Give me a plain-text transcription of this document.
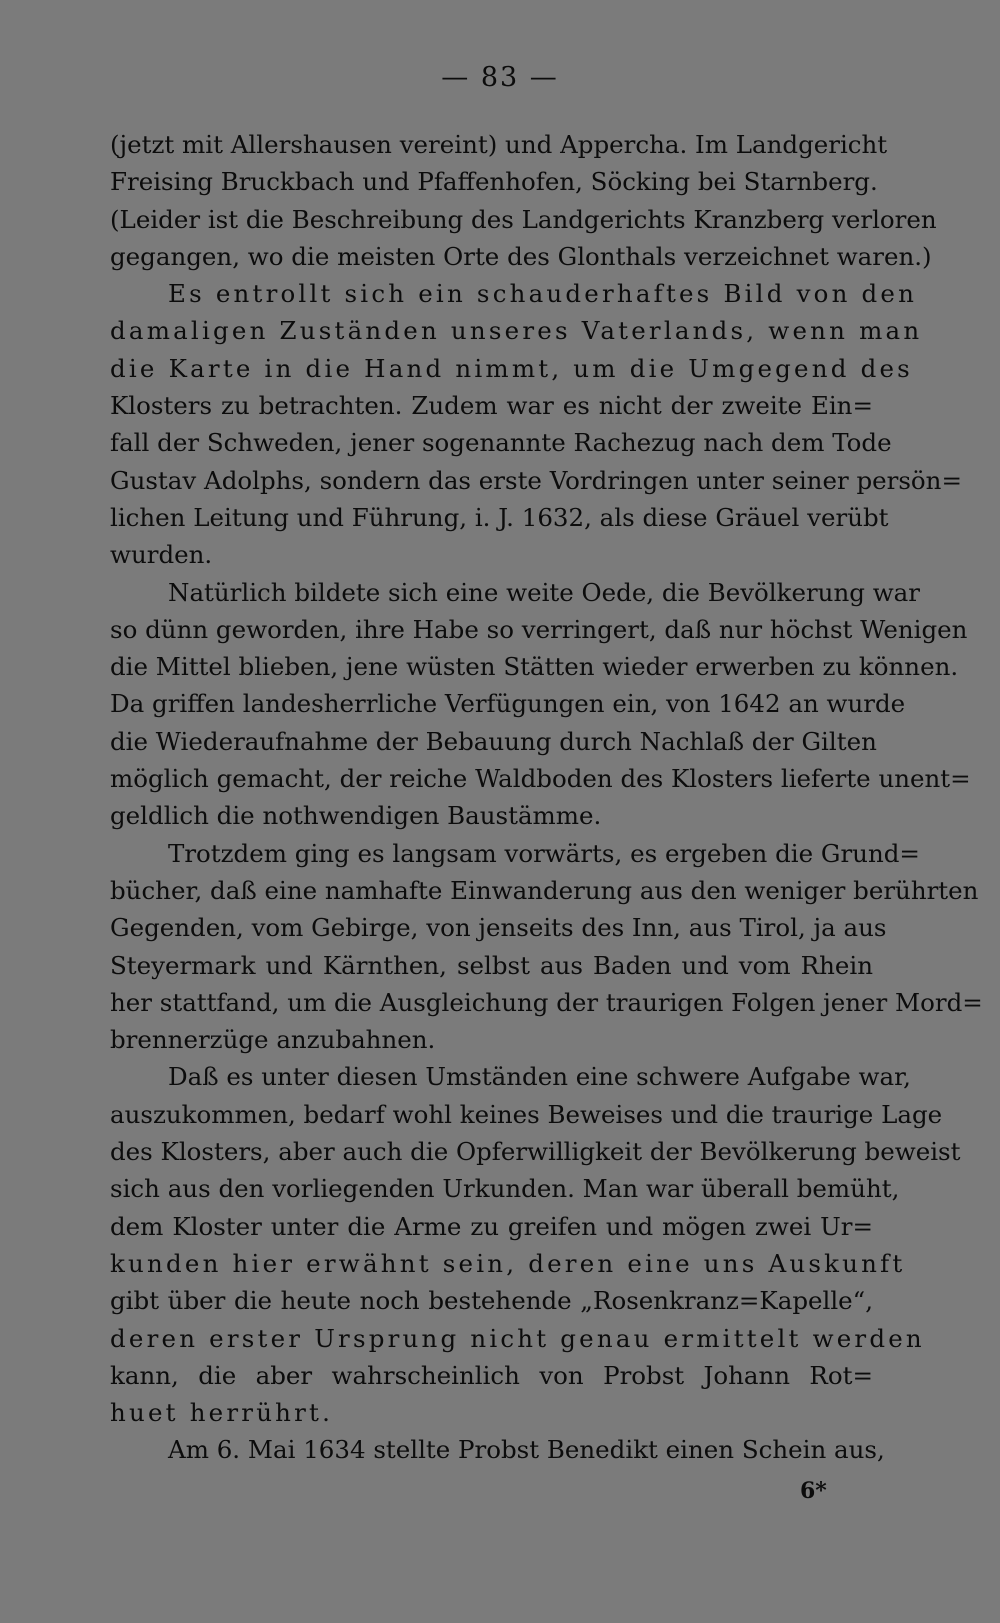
— 83 —
(jetzt mit Allershausen vereint) und Appercha. Im Landgericht
Freising Bruckbach und Pfaffenhofen, Söcking bei Starnberg.
(Leider ist die Beschreibung des Landgerichts Kranzberg verloren
gegangen, wo die meisten Orte des Glonthals verzeichnet waren.)
Es entrollt sich ein schauderhaftes Bild von den
damaligen Zuständen unseres Vaterlands, wenn man
die Karte in die Hand nimmt, um die Umgegend des
Klosters zu betrachten. Zudem war es nicht der zweite Ein=
fall der Schweden, jener sogenannte Rachezug nach dem Tode
Gustav Adolphs, sondern das erste Vordringen unter seiner persön=
lichen Leitung und Führung, i. J. 1632, als diese Gräuel verübt
wurden.
Natürlich bildete sich eine weite Oede, die Bevölkerung war
so dünn geworden, ihre Habe so verringert, daß nur höchst Wenigen
die Mittel blieben, jene wüsten Stätten wieder erwerben zu können.
Da griffen landesherrliche Verfügungen ein, von 1642 an wurde
die Wiederaufnahme der Bebauung durch Nachlaß der Gilten
möglich gemacht, der reiche Waldboden des Klosters lieferte unent=
geldlich die nothwendigen Baustämme.
Trotzdem ging es langsam vorwärts, es ergeben die Grund=
bücher, daß eine namhafte Einwanderung aus den weniger berührten
Gegenden, vom Gebirge, von jenseits des Inn, aus Tirol, ja aus
Steyermark und Kärnthen, selbst aus Baden und vom Rhein
her stattfand, um die Ausgleichung der traurigen Folgen jener Mord=
brennerzüge anzubahnen.
Daß es unter diesen Umständen eine schwere Aufgabe war,
auszukommen, bedarf wohl keines Beweises und die traurige Lage
des Klosters, aber auch die Opferwilligkeit der Bevölkerung beweist
sich aus den vorliegenden Urkunden. Man war überall bemüht,
dem Kloster unter die Arme zu greifen und mögen zwei Ur=
kunden hier erwähnt sein, deren eine uns Auskunft
gibt über die heute noch bestehende „Rosenkranz=Kapelle“,
deren erster Ursprung nicht genau ermittelt werden
kann, die aber wahrscheinlich von Probst Johann Rot=
huet herrührt.
Am 6. Mai 1634 stellte Probst Benedikt einen Schein aus,
6*
